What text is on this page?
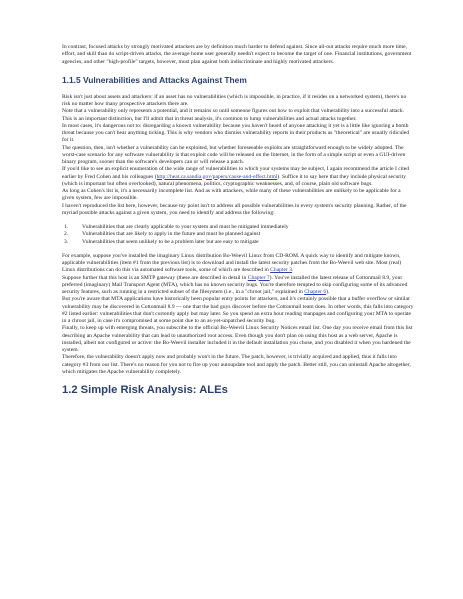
In contrast, focused attacks by strongly motivated attackers are by definition much harder to defend against. Since all-out attacks require much more time, effort, and skill than do script-driven attacks, the average home user generally needn't expect to become the target of one. Financial institutions, government agencies, and other "high-profile" targets, however, must plan against both indiscriminate and highly motivated attackers.

1.1.5 Vulnerabilities and Attacks Against Them

Risk isn't just about assets and attackers: if an asset has no vulnerabilities (which is impossible, in practice, if it resides on a networked system), there's no risk no matter how many prospective attackers there are.

Note that a vulnerability only represents a potential, and it remains so until someone figures out how to exploit that vulnerability into a successful attack. This is an important distinction, but I'll admit that in threat analysis, it's common to lump vulnerabilities and actual attacks together.

In most cases, it's dangerous not to: disregarding a known vulnerability because you haven't heard of anyone attacking it yet is a little like ignoring a bomb threat because you can't hear anything ticking. This is why vendors who dismiss vulnerability reports in their products as "theoretical" are usually ridiculed for it.

The question, then, isn't whether a vulnerability can be exploited, but whether foreseeable exploits are straightforward enough to be widely adopted. The worst-case scenario for any software vulnerability is that exploit code will be released on the Internet, in the form of a simple script or even a GUI-driven binary program, sooner than the software's developers can or will release a patch.

If you'd like to see an explicit enumeration of the wide range of vulnerabilities to which your systems may be subject, I again recommend the article I cited earlier by Fred Cohen and his colleagues (http://heat.ca.sandia.gov/papers/cause-and-effect.html). Suffice it to say here that they include physical security (which is important but often overlooked), natural phenomena, politics, cryptographic weaknesses, and, of course, plain old software bugs.

As long as Cohen's list is, it's a necessarily incomplete list. And as with attackers, while many of these vulnerabilities are unlikely to be applicable for a given system, few are impossible.

I haven't reproduced the list here, however, because my point isn't to address all possible vulnerabilities in every system's security planning. Rather, of the myriad possible attacks against a given system, you need to identify and address the following:

1.	Vulnerabilities that are clearly applicable to your system and must be mitigated immediately
2.	Vulnerabilities that are likely to apply in the future and must be planned against
3.	Vulnerabilities that seem unlikely to be a problem later but are easy to mitigate

For example, suppose you've installed the imaginary Linux distribution Bo-Weevil Linux from CD-ROM. A quick way to identify and mitigate known, applicable vulnerabilities (item #1 from the previous list) is to download and install the latest security patches from the Bo-Weevil web site. Most (real) Linux distributions can do this via automated software tools, some of which are described in Chapter 3.

Suppose further that this host is an SMTP gateway (these are described in detail in Chapter 7). You've installed the latest release of Cottonmail 8.9, your preferred (imaginary) Mail Transport Agent (MTA), which has no known security bugs. You're therefore tempted to skip configuring some of its advanced security features, such as running in a restricted subset of the filesystem (i.e., in a "chroot jail," explained in Chapter 6).

But you're aware that MTA applications have historically been popular entry points for attackers, and it's certainly possible that a buffer overflow or similar vulnerability may be discovered in Cottonmail 8.9 — one that the bad guys discover before the Cottonmail team does. In other words, this falls into category #2 listed earlier: vulnerabilities that don't currently apply but may later. So you spend an extra hour reading manpages and configuring your MTA to operate in a chroot jail, in case it's compromised at some point due to an as-yet-unpatched security bug.

Finally, to keep up with emerging threats, you subscribe to the official Bo-Weevil Linux Security Notices email list. One day you receive email from this list describing an Apache vulnerability that can lead to unauthorized root access. Even though you don't plan on using this host as a web server, Apache is installed, albeit not configured or active: the Bo-Weevil installer included it in the default installation you chose, and you disabled it when you hardened the system.

Therefore, the vulnerability doesn't apply now and probably won't in the future. The patch, however, is trivially acquired and applied, thus it falls into category #3 from our list. There's no reason for you not to fire up your autoupdate tool and apply the patch. Better still, you can uninstall Apache altogether, which mitigates the Apache vulnerability completely.

1.2 Simple Risk Analysis: ALEs
